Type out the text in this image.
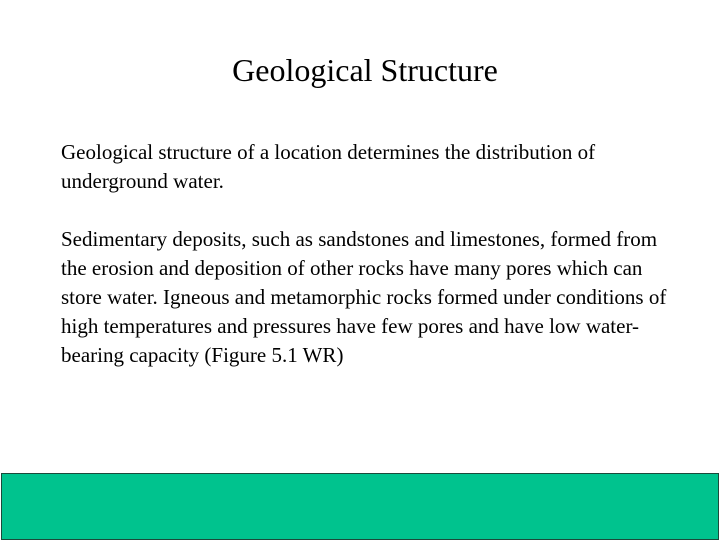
Geological Structure

Geological structure of a location determines the distribution of underground water.

Sedimentary deposits, such as sandstones and limestones, formed from the erosion and deposition of other rocks have many pores which can store water. Igneous and metamorphic rocks formed under conditions of high temperatures and pressures have few pores and have low water-bearing capacity (Figure 5.1 WR)
